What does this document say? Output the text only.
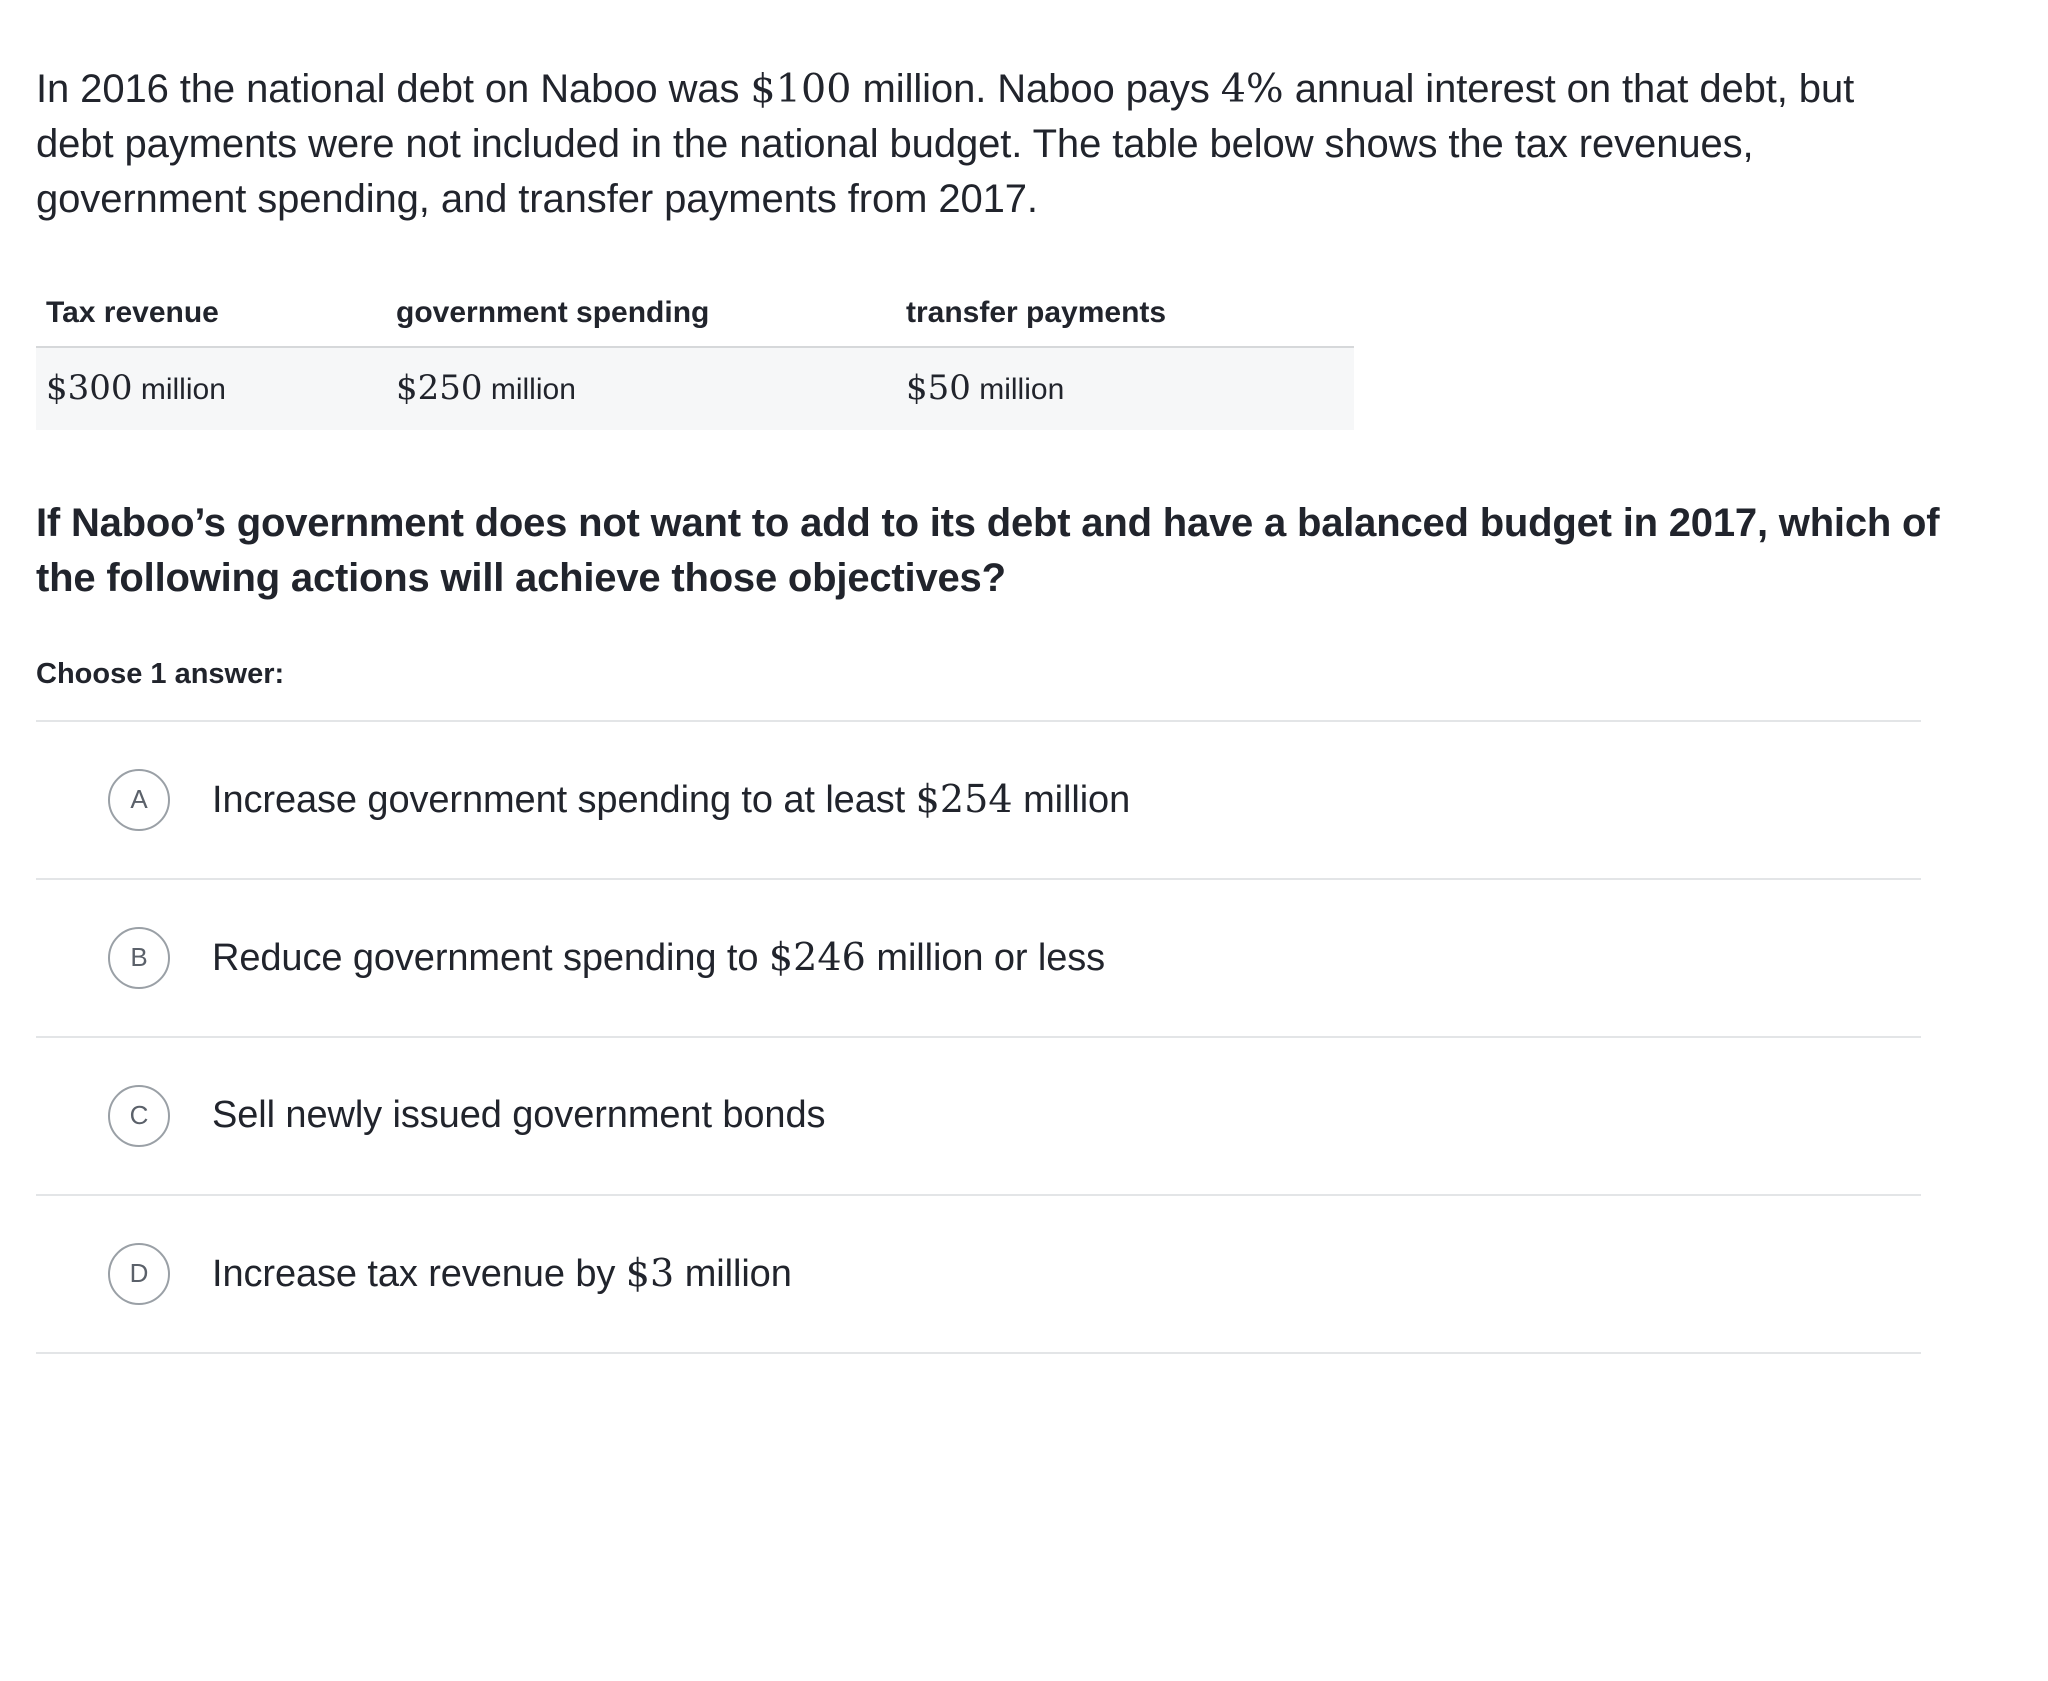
In 2016 the national debt on Naboo was $100 million. Naboo pays 4% annual interest on that debt, but debt payments were not included in the national budget. The table below shows the tax revenues, government spending, and transfer payments from 2017.

Tax revenue	government spending	transfer payments
$300 million	$250 million	$50 million

If Naboo’s government does not want to add to its debt and have a balanced budget in 2017, which of the following actions will achieve those objectives?

Choose 1 answer:

A	Increase government spending to at least $254 million
B	Reduce government spending to $246 million or less
C	Sell newly issued government bonds
D	Increase tax revenue by $3 million
